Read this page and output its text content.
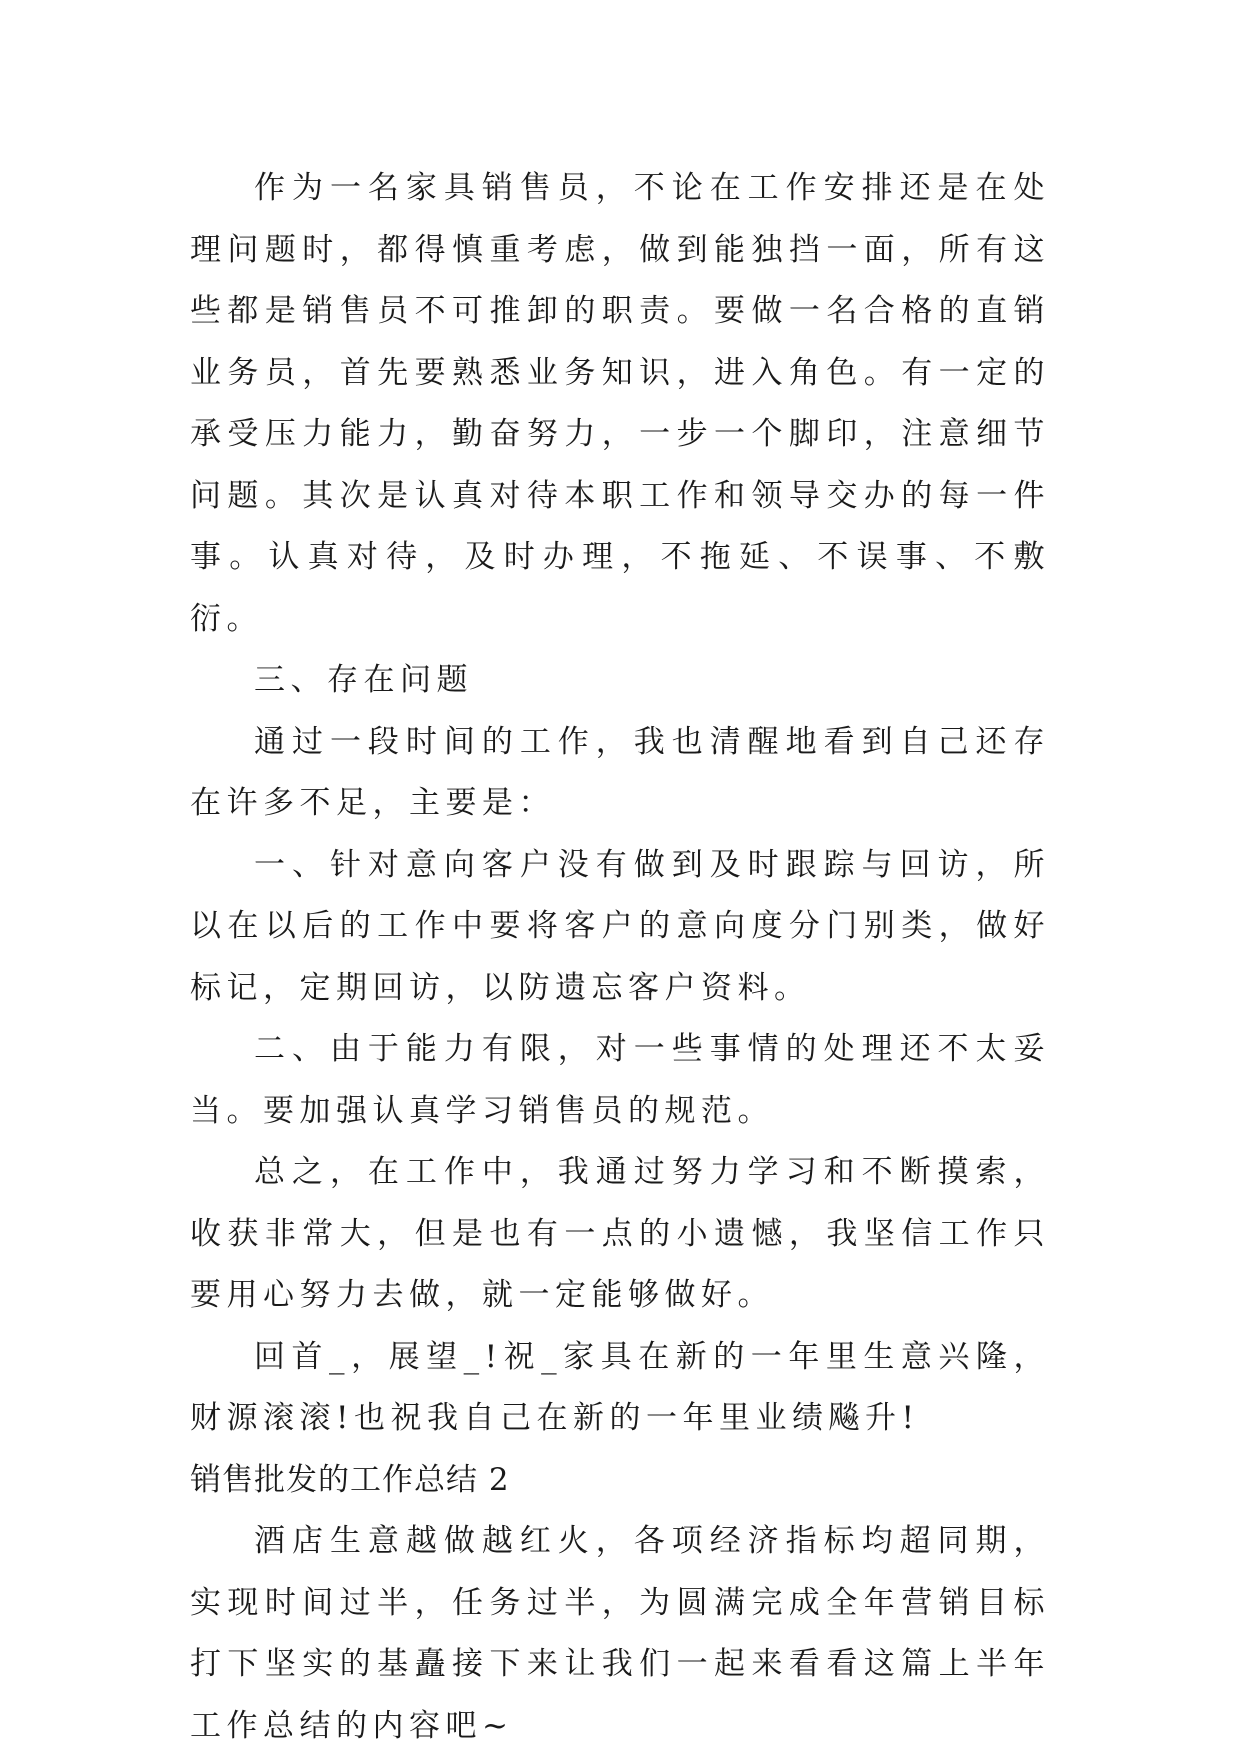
作为一名家具销售员，不论在工作安排还是在处理问题时，都得慎重考虑，做到能独挡一面，所有这些都是销售员不可推卸的职责。要做一名合格的直销业务员，首先要熟悉业务知识，进入角色。有一定的承受压力能力，勤奋努力，一步一个脚印，注意细节问题。其次是认真对待本职工作和领导交办的每一件事。认真对待，及时办理，不拖延、不误事、不敷衍。

三、存在问题

通过一段时间的工作，我也清醒地看到自己还存在许多不足，主要是：

一、针对意向客户没有做到及时跟踪与回访，所以在以后的工作中要将客户的意向度分门别类，做好标记，定期回访，以防遗忘客户资料。

二、由于能力有限，对一些事情的处理还不太妥当。要加强认真学习销售员的规范。

总之，在工作中，我通过努力学习和不断摸索，收获非常大，但是也有一点的小遗憾，我坚信工作只要用心努力去做，就一定能够做好。

回首_，展望_!祝_家具在新的一年里生意兴隆，财源滚滚!也祝我自己在新的一年里业绩飚升!

销售批发的工作总结 2

酒店生意越做越红火，各项经济指标均超同期，实现时间过半，任务过半，为圆满完成全年营销目标打下坚实的基矗接下来让我们一起来看看这篇上半年工作总结的内容吧~
